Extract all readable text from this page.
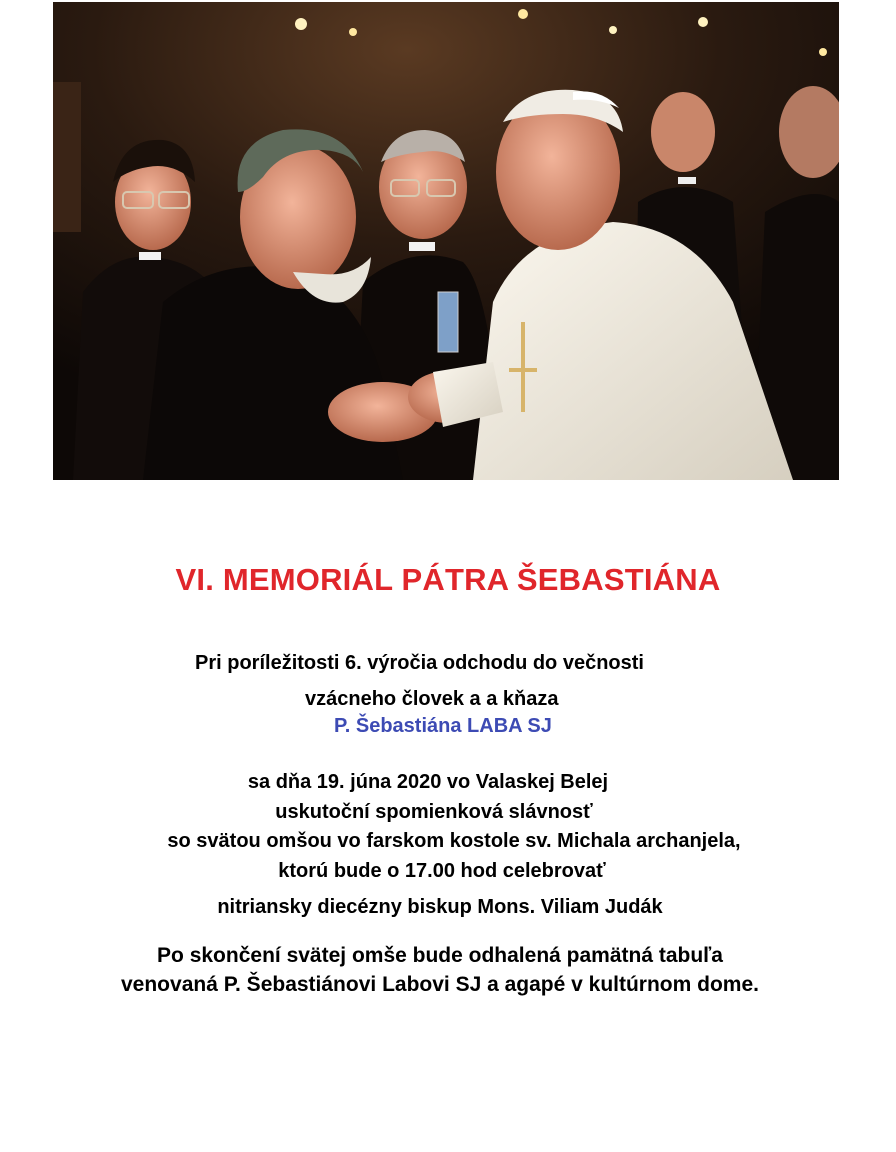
VI. MEMORIÁL PÁTRA ŠEBASTIÁNA
Pri poríležitosti 6. výročia odchodu do večnosti
vzácneho človek a a kňaza
P. Šebastiána LABA SJ
sa dňa 19. júna 2020 vo Valaskej Belej
uskutoční spomienková slávnosť
so svätou omšou vo farskom kostole sv. Michala archanjela,
ktorú bude o 17.00 hod celebrovať
nitriansky diecézny biskup Mons. Viliam Judák
Po skončení svätej omše bude odhalená pamätná tabuľa
venovaná P. Šebastiánovi Labovi SJ a agapé v kultúrnom dome.
